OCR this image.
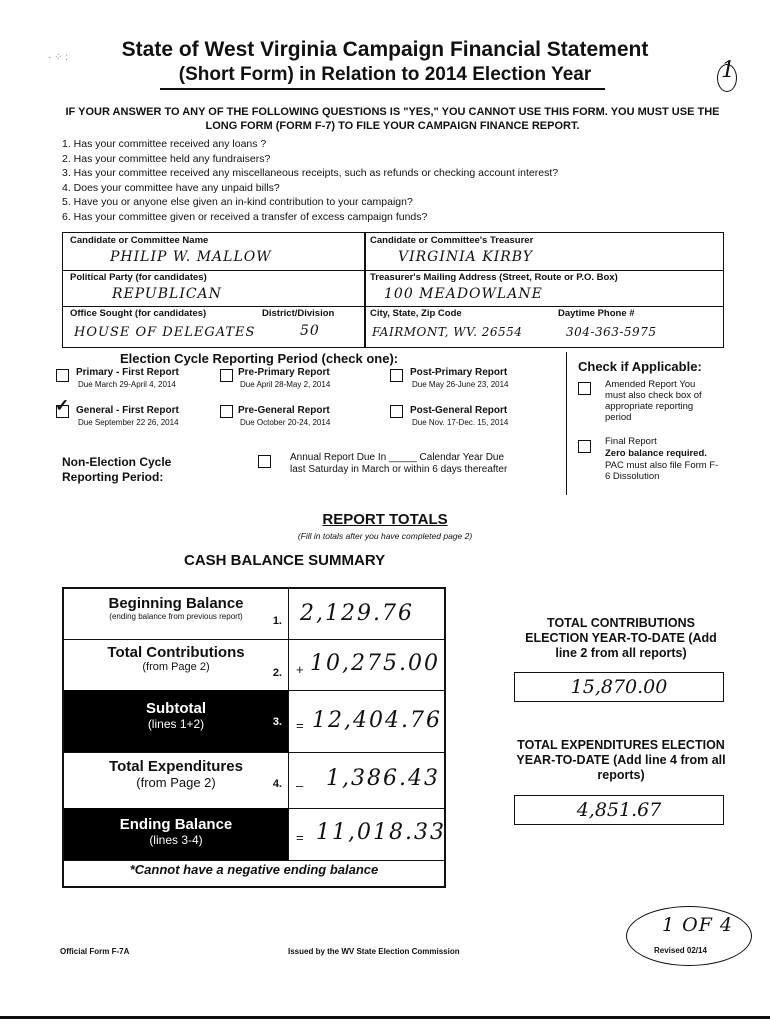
· ⁘ :	State of West Virginia Campaign Financial Statement
(Short Form) in Relation to 2014 Election Year	1
IF YOUR ANSWER TO ANY OF THE FOLLOWING QUESTIONS IS "YES," YOU CANNOT USE THIS FORM. YOU MUST USE THE LONG FORM (FORM F-7) TO FILE YOUR CAMPAIGN FINANCE REPORT.
1. Has your committee received any loans ?
2. Has your committee held any fundraisers?
3. Has your committee received any miscellaneous receipts, such as refunds or checking account interest?
4. Does your committee have any unpaid bills?
5. Have you or anyone else given an in-kind contribution to your campaign?
6. Has your committee given or received a transfer of excess campaign funds?
Candidate or Committee Name
PHILIP W. MALLOW
Candidate or Committee's Treasurer
VIRGINIA KIRBY
Political Party (for candidates)
REPUBLICAN
Treasurer's Mailing Address (Street, Route or P.O. Box)
100 MEADOWLANE
Office Sought (for candidates)	District/Division
HOUSE OF DELEGATES	50
City, State, Zip Code	Daytime Phone #
FAIRMONT, WV. 26554	304-363-5975
Election Cycle Reporting Period (check one):
Primary - First Report
Due March 29-April 4, 2014
Pre-Primary Report
Due April 28-May 2, 2014
Post-Primary Report
Due May 26-June 23, 2014
✓ General - First Report
Due September 22 26, 2014
Pre-General Report
Due October 20-24, 2014
Post-General Report
Due Nov. 17-Dec. 15, 2014
Non-Election Cycle Reporting Period:
Annual Report Due In _____ Calendar Year Due last Saturday in March or within 6 days thereafter
Check if Applicable:
Amended Report You must also check box of appropriate reporting period
Final Report
Zero balance required.
PAC must also file Form F-6 Dissolution
REPORT TOTALS
(Fill in totals after you have completed page 2)
CASH BALANCE SUMMARY
Beginning Balance
(ending balance from previous report)	1. 2,129.76
Total Contributions
(from Page 2)	2. + 10,275.00
Subtotal
(lines 1+2)	3. = 12,404.76
Total Expenditures
(from Page 2)	4. – 1,386.43
Ending Balance
(lines 3-4)	= 11,018.33
*Cannot have a negative ending balance
TOTAL CONTRIBUTIONS ELECTION YEAR-TO-DATE (Add line 2 from all reports)
15,870.00
TOTAL EXPENDITURES ELECTION YEAR-TO-DATE (Add line 4 from all reports)
4,851.67
Official Form F-7A	Issued by the WV State Election Commission
1 OF 4
Revised 02/14
